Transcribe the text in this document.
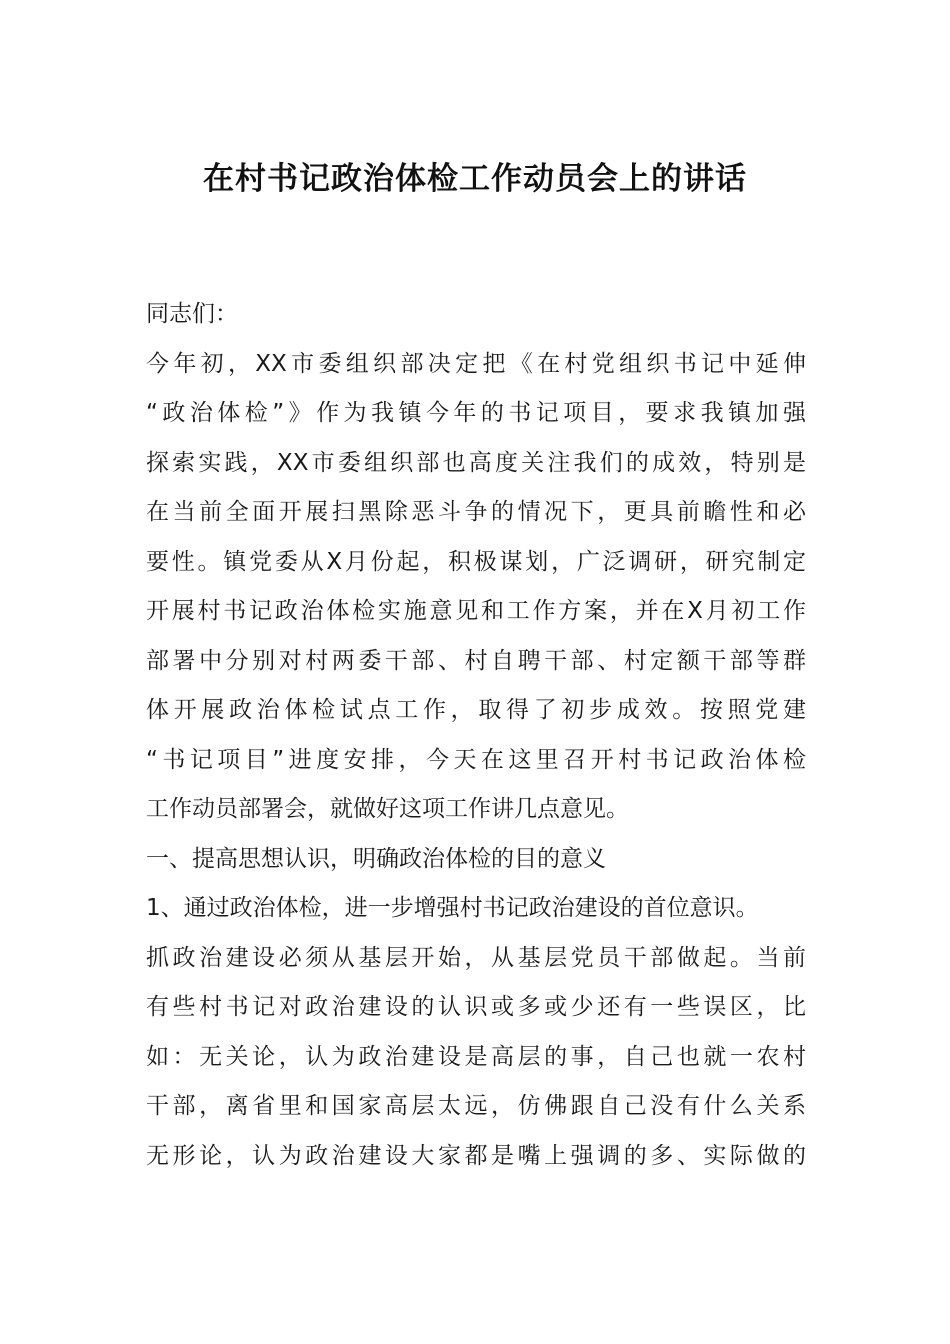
在村书记政治体检工作动员会上的讲话
同志们：
今年初，XX市委组织部决定把《在村党组织书记中延伸
“政治体检”》作为我镇今年的书记项目，要求我镇加强
探索实践，XX市委组织部也高度关注我们的成效，特别是
在当前全面开展扫黑除恶斗争的情况下，更具前瞻性和必
要性。镇党委从X月份起，积极谋划，广泛调研，研究制定
开展村书记政治体检实施意见和工作方案，并在X月初工作
部署中分别对村两委干部、村自聘干部、村定额干部等群
体开展政治体检试点工作，取得了初步成效。按照党建
“书记项目”进度安排，今天在这里召开村书记政治体检
工作动员部署会，就做好这项工作讲几点意见。
一、提高思想认识，明确政治体检的目的意义
1、通过政治体检，进一步增强村书记政治建设的首位意识。
抓政治建设必须从基层开始，从基层党员干部做起。当前
有些村书记对政治建设的认识或多或少还有一些误区，比
如：无关论，认为政治建设是高层的事，自己也就一农村
干部，离省里和国家高层太远，仿佛跟自己没有什么关系
无形论，认为政治建设大家都是嘴上强调的多、实际做的
